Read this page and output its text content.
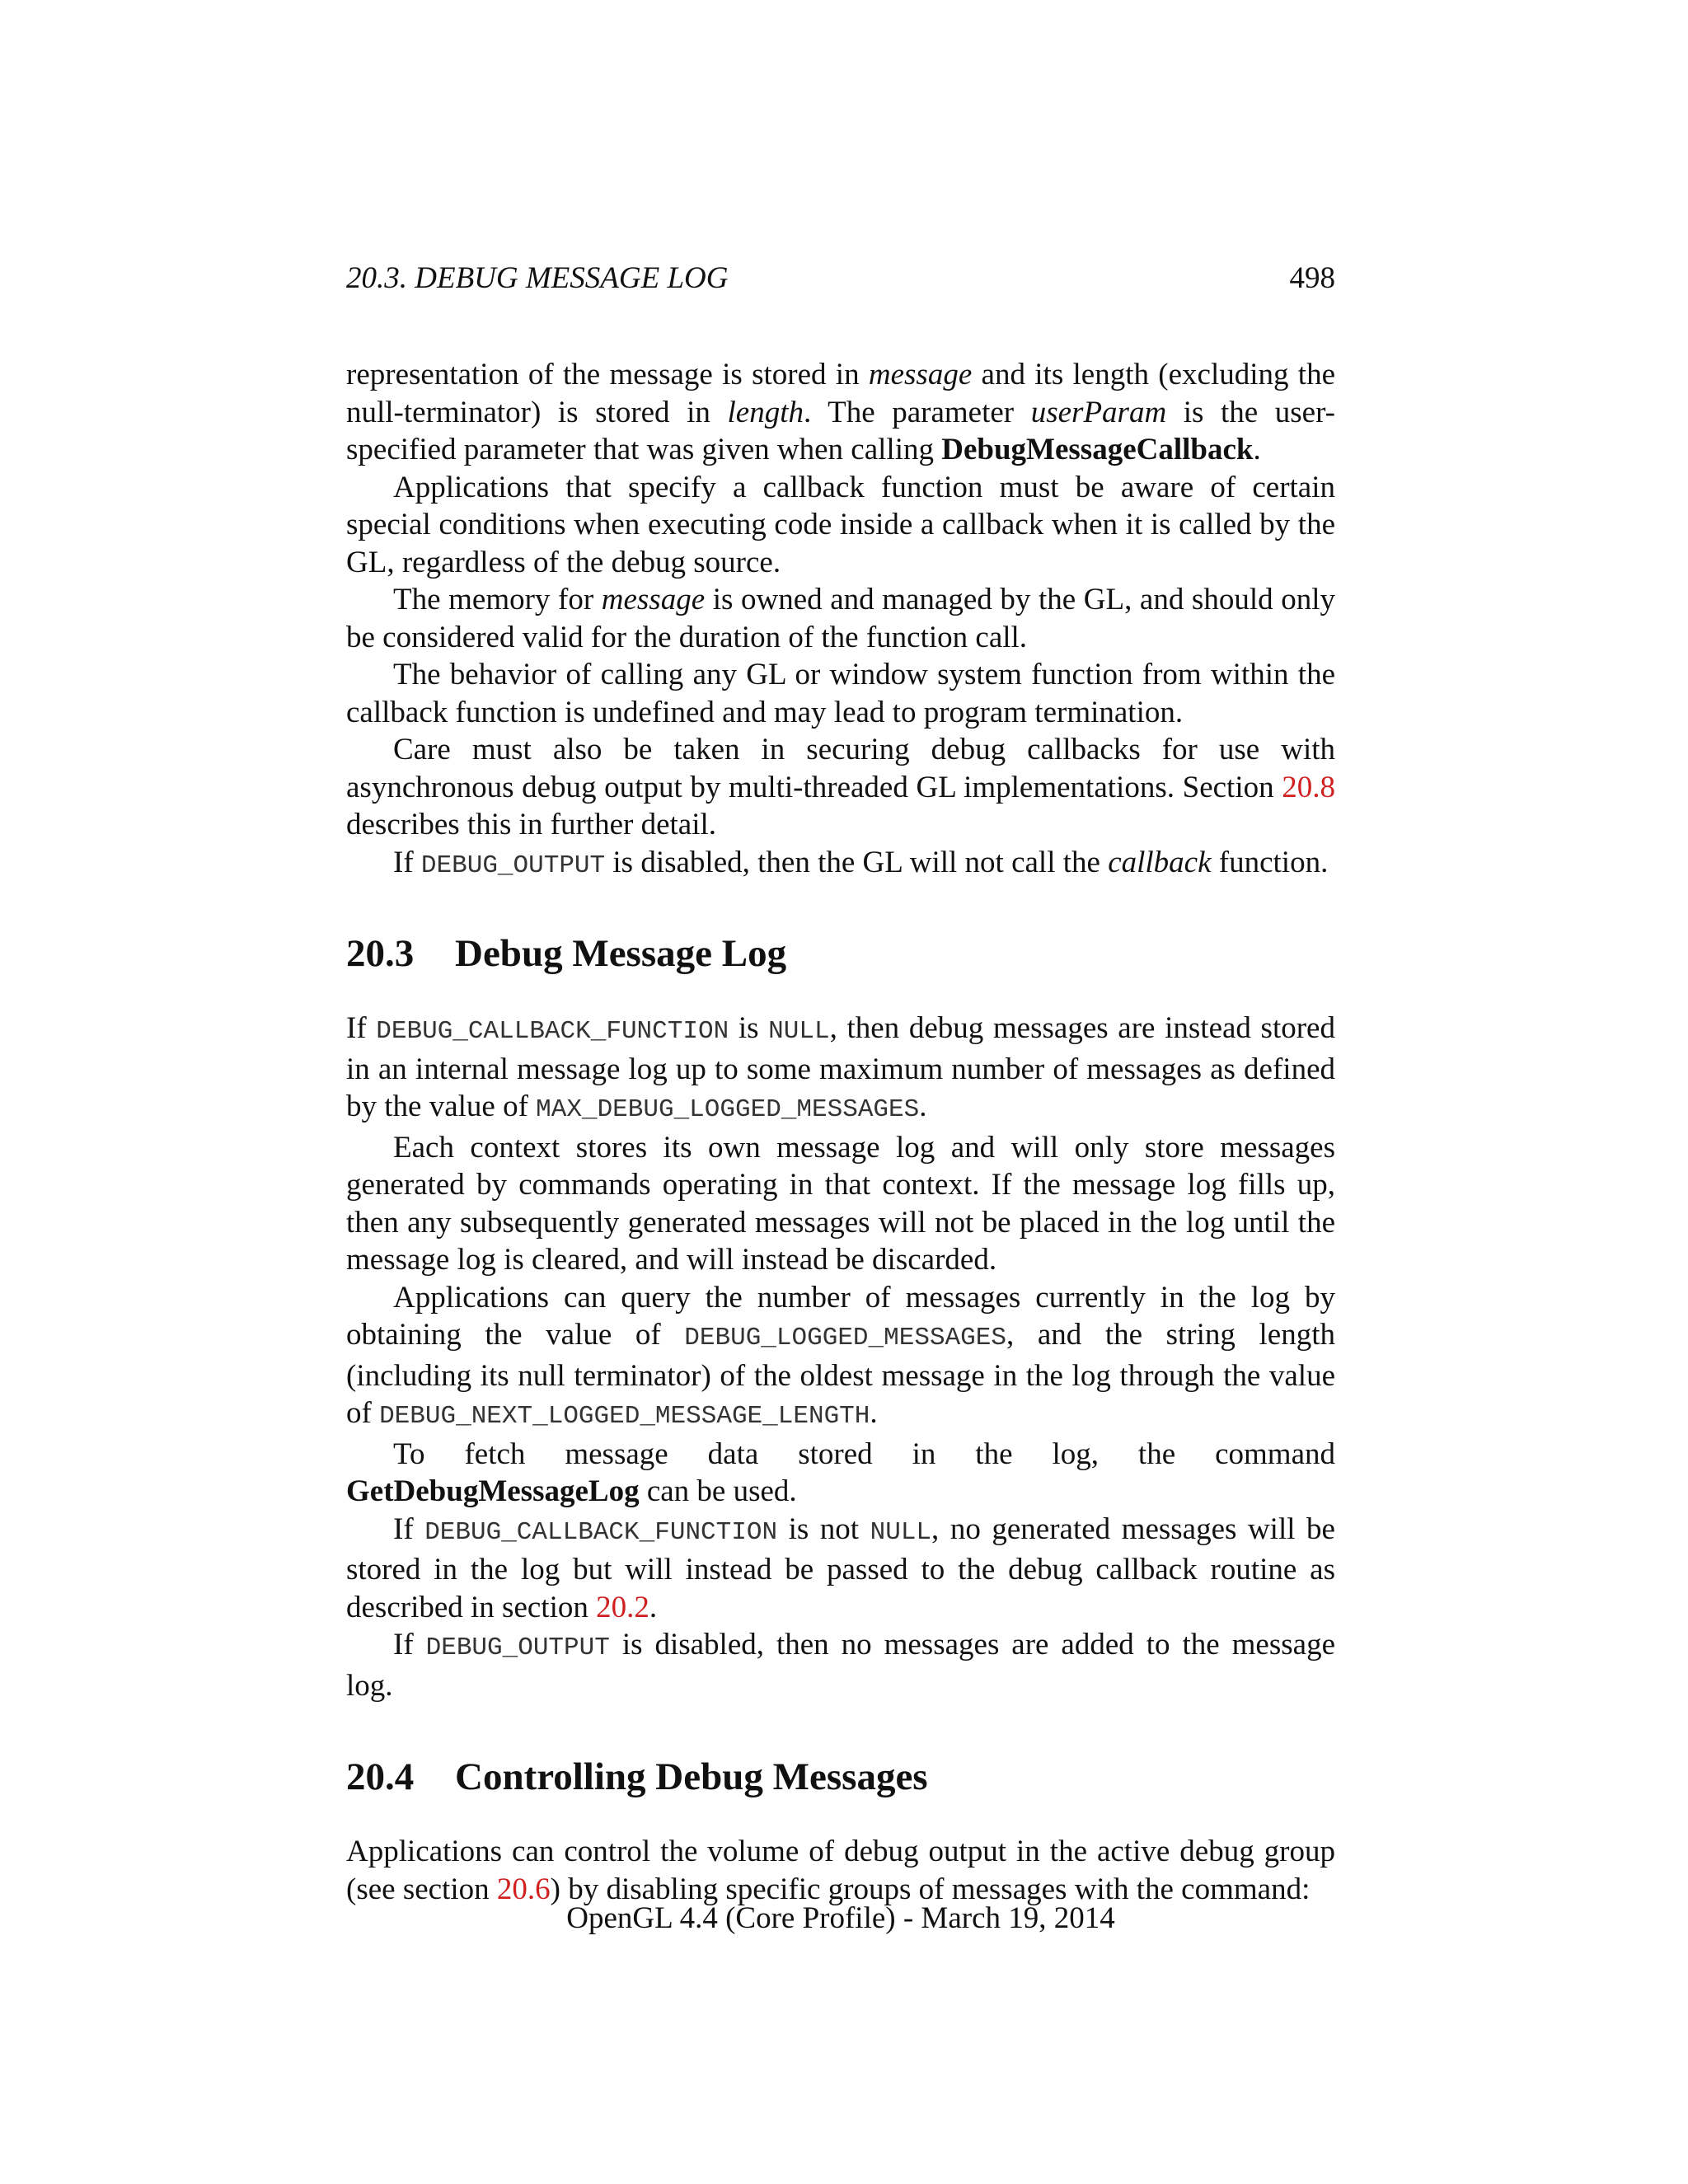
20.3. DEBUG MESSAGE LOG	498

representation of the message is stored in message and its length (excluding the null-terminator) is stored in length. The parameter userParam is the user-specified parameter that was given when calling DebugMessageCallback.

Applications that specify a callback function must be aware of certain special conditions when executing code inside a callback when it is called by the GL, regardless of the debug source.

The memory for message is owned and managed by the GL, and should only be considered valid for the duration of the function call.

The behavior of calling any GL or window system function from within the callback function is undefined and may lead to program termination.

Care must also be taken in securing debug callbacks for use with asynchronous debug output by multi-threaded GL implementations. Section 20.8 describes this in further detail.

If DEBUG_OUTPUT is disabled, then the GL will not call the callback function.

20.3 Debug Message Log

If DEBUG_CALLBACK_FUNCTION is NULL, then debug messages are instead stored in an internal message log up to some maximum number of messages as defined by the value of MAX_DEBUG_LOGGED_MESSAGES.

Each context stores its own message log and will only store messages generated by commands operating in that context. If the message log fills up, then any subsequently generated messages will not be placed in the log until the message log is cleared, and will instead be discarded.

Applications can query the number of messages currently in the log by obtaining the value of DEBUG_LOGGED_MESSAGES, and the string length (including its null terminator) of the oldest message in the log through the value of DEBUG_NEXT_LOGGED_MESSAGE_LENGTH.

To fetch message data stored in the log, the command GetDebugMessageLog can be used.

If DEBUG_CALLBACK_FUNCTION is not NULL, no generated messages will be stored in the log but will instead be passed to the debug callback routine as described in section 20.2.

If DEBUG_OUTPUT is disabled, then no messages are added to the message log.

20.4 Controlling Debug Messages

Applications can control the volume of debug output in the active debug group (see section 20.6) by disabling specific groups of messages with the command:

OpenGL 4.4 (Core Profile) - March 19, 2014
